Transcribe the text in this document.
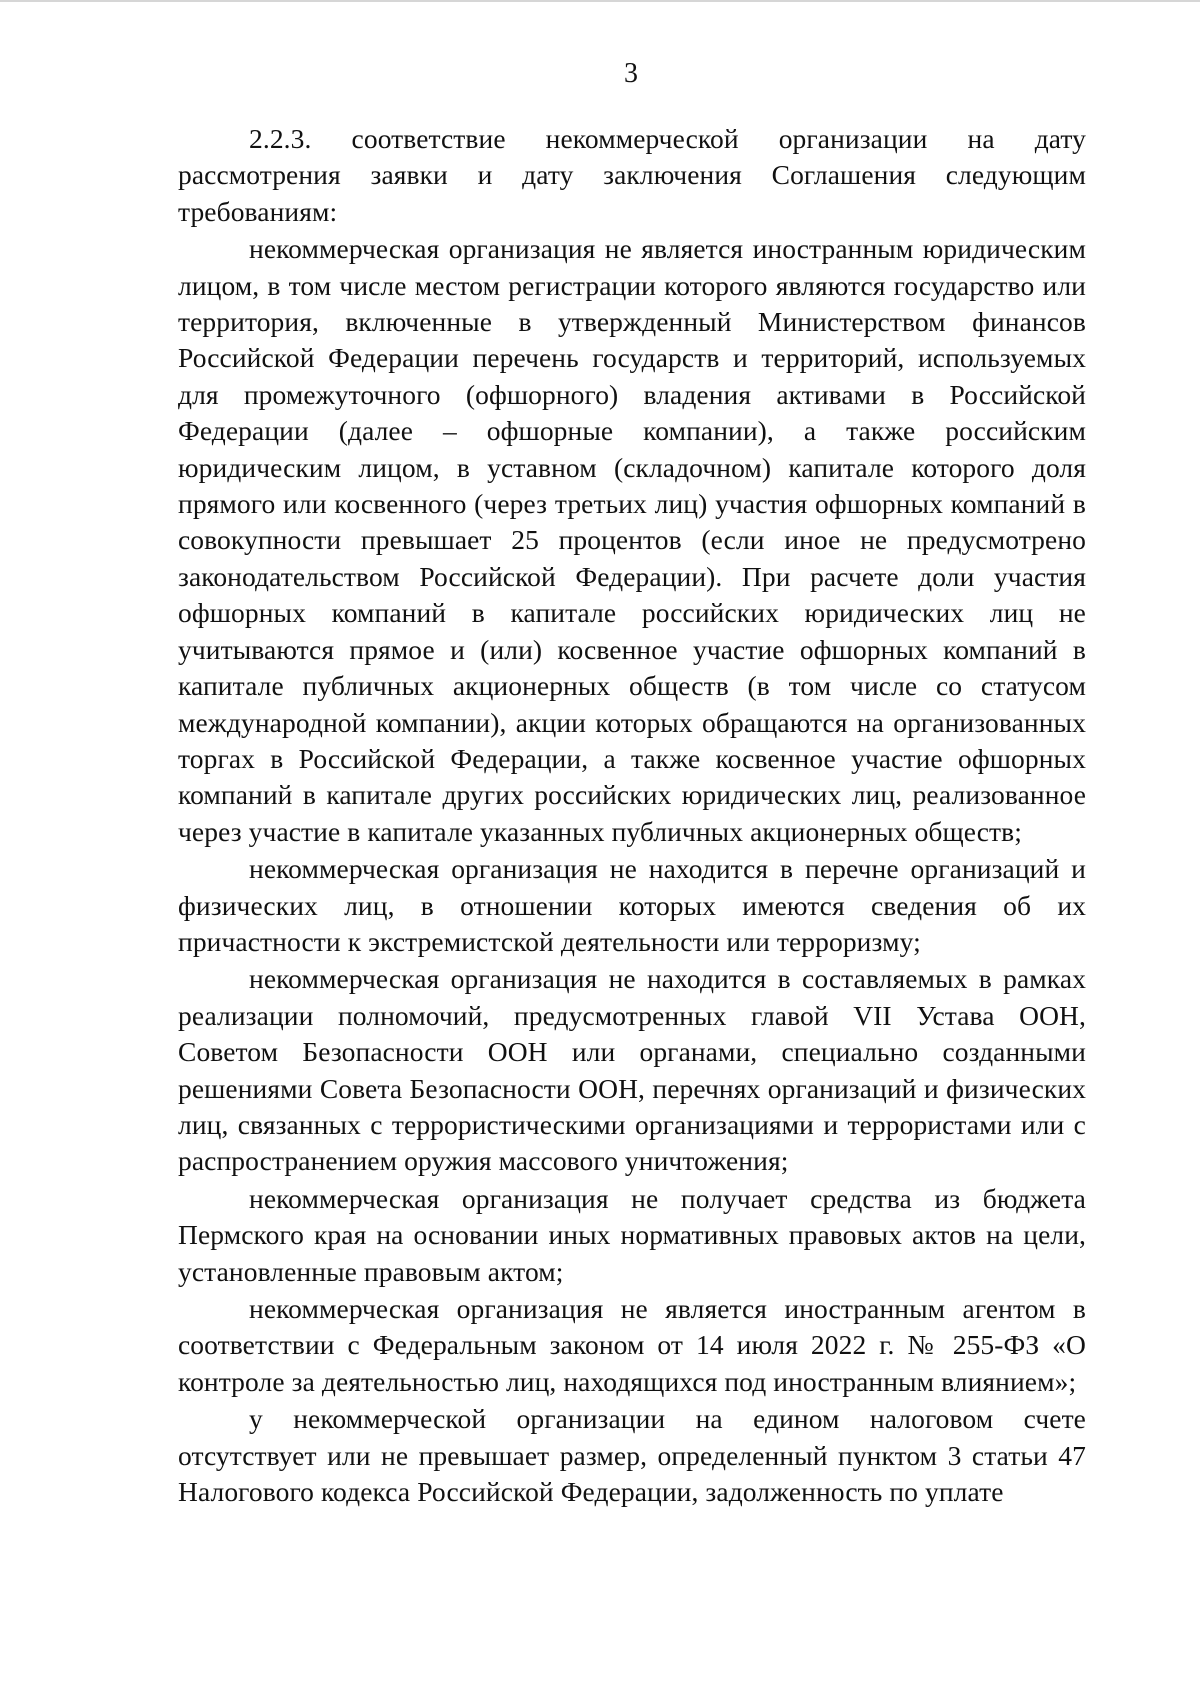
3

2.2.3. соответствие некоммерческой организации на дату рассмотрения заявки и дату заключения Соглашения следующим требованиям:

некоммерческая организация не является иностранным юридическим лицом, в том числе местом регистрации которого являются государство или территория, включенные в утвержденный Министерством финансов Российской Федерации перечень государств и территорий, используемых для промежуточного (офшорного) владения активами в Российской Федерации (далее – офшорные компании), а также российским юридическим лицом, в уставном (складочном) капитале которого доля прямого или косвенного (через третьих лиц) участия офшорных компаний в совокупности превышает 25 процентов (если иное не предусмотрено законодательством Российской Федерации). При расчете доли участия офшорных компаний в капитале российских юридических лиц не учитываются прямое и (или) косвенное участие офшорных компаний в капитале публичных акционерных обществ (в том числе со статусом международной компании), акции которых обращаются на организованных торгах в Российской Федерации, а также косвенное участие офшорных компаний в капитале других российских юридических лиц, реализованное через участие в капитале указанных публичных акционерных обществ;

некоммерческая организация не находится в перечне организаций и физических лиц, в отношении которых имеются сведения об их причастности к экстремистской деятельности или терроризму;

некоммерческая организация не находится в составляемых в рамках реализации полномочий, предусмотренных главой VII Устава ООН, Советом Безопасности ООН или органами, специально созданными решениями Совета Безопасности ООН, перечнях организаций и физических лиц, связанных с террористическими организациями и террористами или с распространением оружия массового уничтожения;

некоммерческая организация не получает средства из бюджета Пермского края на основании иных нормативных правовых актов на цели, установленные правовым актом;

некоммерческая организация не является иностранным агентом в соответствии с Федеральным законом от 14 июля 2022 г. № 255-ФЗ «О контроле за деятельностью лиц, находящихся под иностранным влиянием»;

у некоммерческой организации на едином налоговом счете отсутствует или не превышает размер, определенный пунктом 3 статьи 47 Налогового кодекса Российской Федерации, задолженность по уплате
